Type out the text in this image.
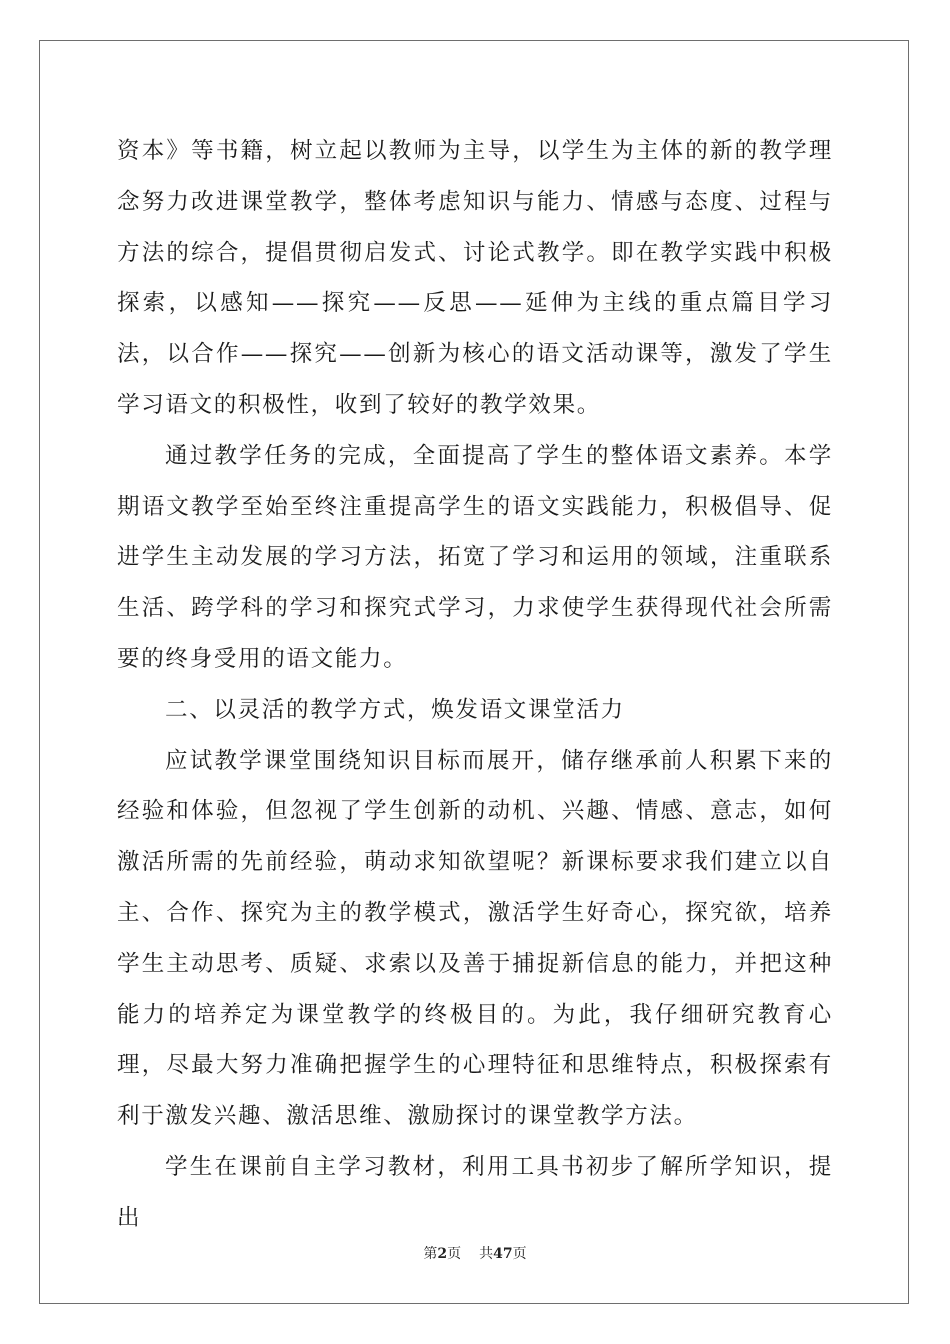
资本》等书籍，树立起以教师为主导，以学生为主体的新的教学理念努力改进课堂教学，整体考虑知识与能力、情感与态度、过程与方法的综合，提倡贯彻启发式、讨论式教学。即在教学实践中积极探索，以感知——探究——反思——延伸为主线的重点篇目学习法，以合作——探究——创新为核心的语文活动课等，激发了学生学习语文的积极性，收到了较好的教学效果。

通过教学任务的完成，全面提高了学生的整体语文素养。本学期语文教学至始至终注重提高学生的语文实践能力，积极倡导、促进学生主动发展的学习方法，拓宽了学习和运用的领域，注重联系生活、跨学科的学习和探究式学习，力求使学生获得现代社会所需要的终身受用的语文能力。

二、以灵活的教学方式，焕发语文课堂活力

应试教学课堂围绕知识目标而展开，储存继承前人积累下来的经验和体验，但忽视了学生创新的动机、兴趣、情感、意志，如何激活所需的先前经验，萌动求知欲望呢？新课标要求我们建立以自主、合作、探究为主的教学模式，激活学生好奇心，探究欲，培养学生主动思考、质疑、求索以及善于捕捉新信息的能力，并把这种能力的培养定为课堂教学的终极目的。为此，我仔细研究教育心理，尽最大努力准确把握学生的心理特征和思维特点，积极探索有利于激发兴趣、激活思维、激励探讨的课堂教学方法。

学生在课前自主学习教材，利用工具书初步了解所学知识，提出

第2页 共47页
